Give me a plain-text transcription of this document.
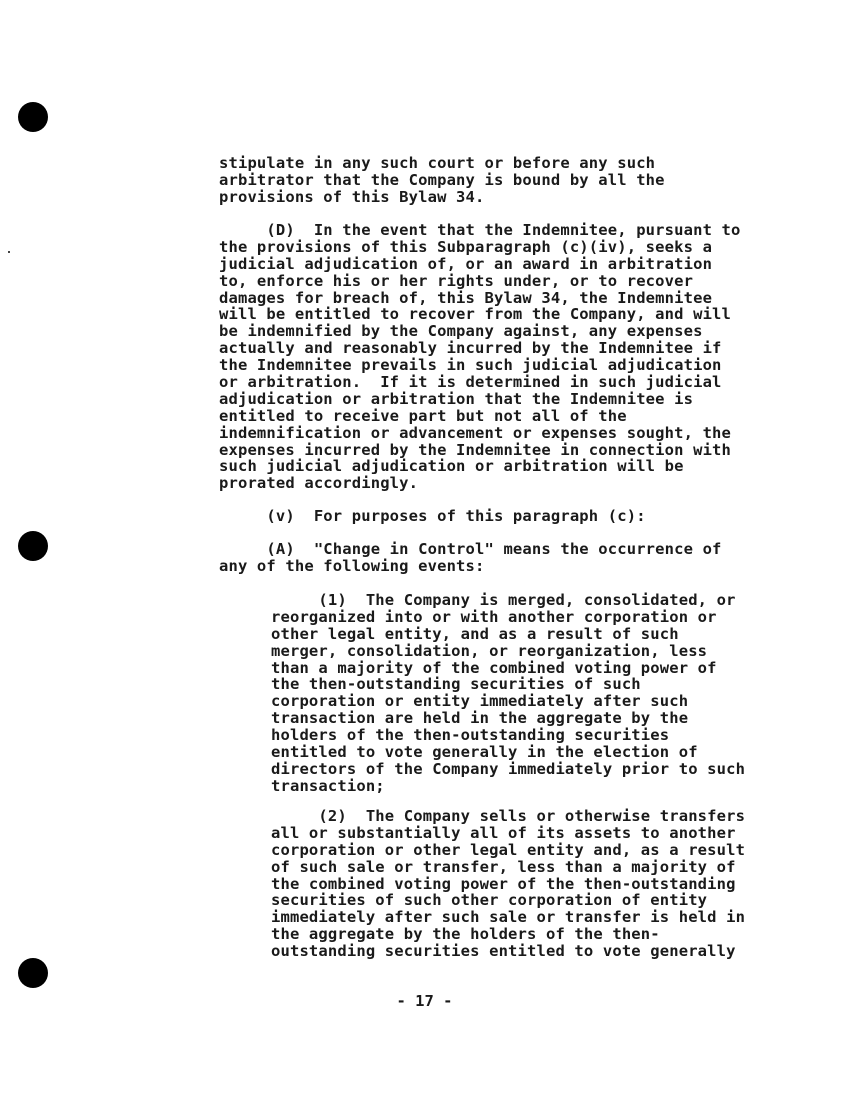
stipulate in any such court or before any such
arbitrator that the Company is bound by all the
provisions of this Bylaw 34.
(D)  In the event that the Indemnitee, pursuant to
the provisions of this Subparagraph (c)(iv), seeks a
judicial adjudication of, or an award in arbitration
to, enforce his or her rights under, or to recover
damages for breach of, this Bylaw 34, the Indemnitee
will be entitled to recover from the Company, and will
be indemnified by the Company against, any expenses
actually and reasonably incurred by the Indemnitee if
the Indemnitee prevails in such judicial adjudication
or arbitration.  If it is determined in such judicial
adjudication or arbitration that the Indemnitee is
entitled to receive part but not all of the
indemnification or advancement or expenses sought, the
expenses incurred by the Indemnitee in connection with
such judicial adjudication or arbitration will be
prorated accordingly.
(v)  For purposes of this paragraph (c):
(A)  "Change in Control" means the occurrence of
any of the following events:
(1)  The Company is merged, consolidated, or
reorganized into or with another corporation or
other legal entity, and as a result of such
merger, consolidation, or reorganization, less
than a majority of the combined voting power of
the then-outstanding securities of such
corporation or entity immediately after such
transaction are held in the aggregate by the
holders of the then-outstanding securities
entitled to vote generally in the election of
directors of the Company immediately prior to such
transaction;
(2)  The Company sells or otherwise transfers
all or substantially all of its assets to another
corporation or other legal entity and, as a result
of such sale or transfer, less than a majority of
the combined voting power of the then-outstanding
securities of such other corporation of entity
immediately after such sale or transfer is held in
the aggregate by the holders of the then-
outstanding securities entitled to vote generally
- 17 -
